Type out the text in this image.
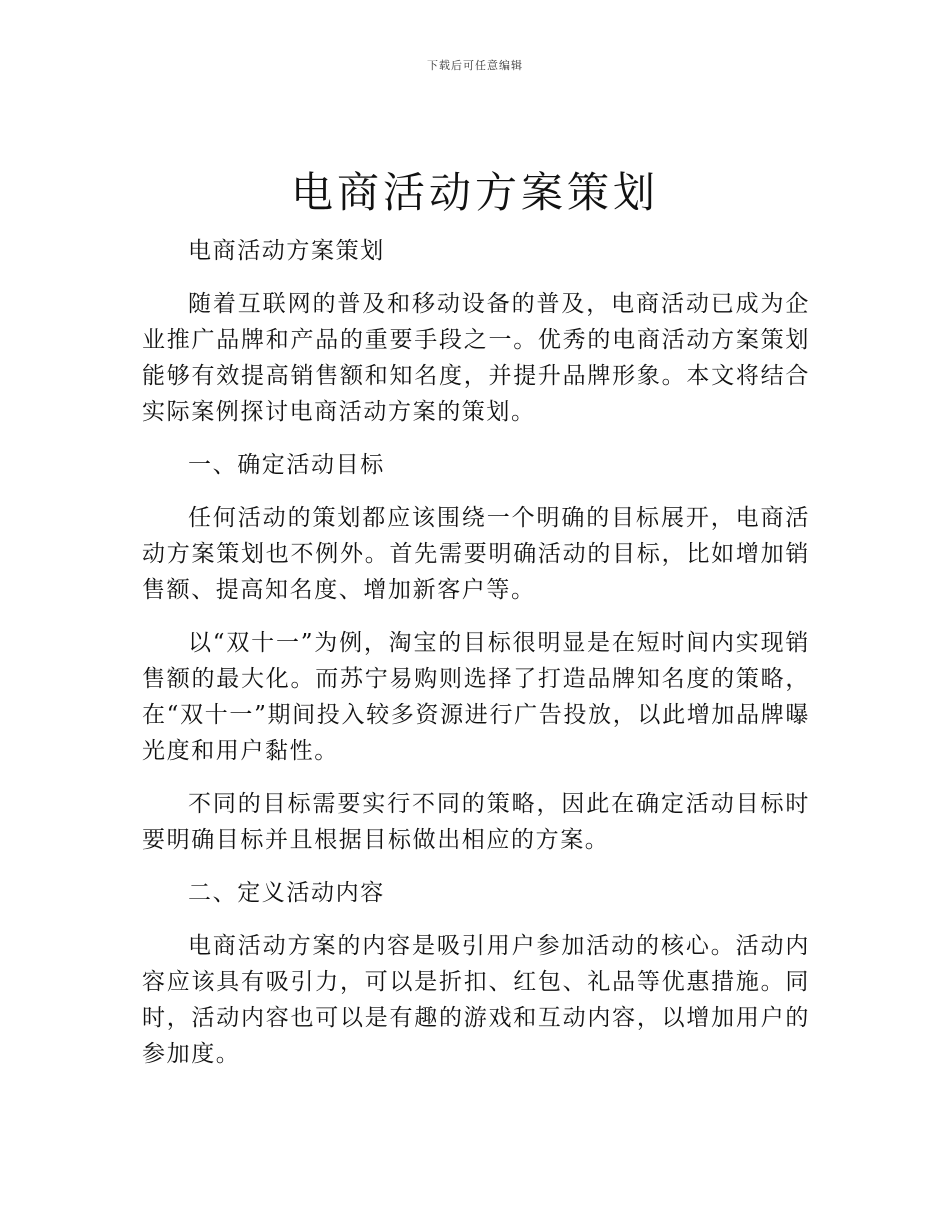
下载后可任意编辑
电商活动方案策划

电商活动方案策划

随着互联网的普及和移动设备的普及，电商活动已成为企业推广品牌和产品的重要手段之一。优秀的电商活动方案策划能够有效提高销售额和知名度，并提升品牌形象。本文将结合实际案例探讨电商活动方案的策划。

一、确定活动目标

任何活动的策划都应该围绕一个明确的目标展开，电商活动方案策划也不例外。首先需要明确活动的目标，比如增加销售额、提高知名度、增加新客户等。

以“双十一”为例，淘宝的目标很明显是在短时间内实现销售额的最大化。而苏宁易购则选择了打造品牌知名度的策略，在“双十一”期间投入较多资源进行广告投放，以此增加品牌曝光度和用户黏性。

不同的目标需要实行不同的策略，因此在确定活动目标时要明确目标并且根据目标做出相应的方案。

二、定义活动内容

电商活动方案的内容是吸引用户参加活动的核心。活动内容应该具有吸引力，可以是折扣、红包、礼品等优惠措施。同时，活动内容也可以是有趣的游戏和互动内容，以增加用户的参加度。
